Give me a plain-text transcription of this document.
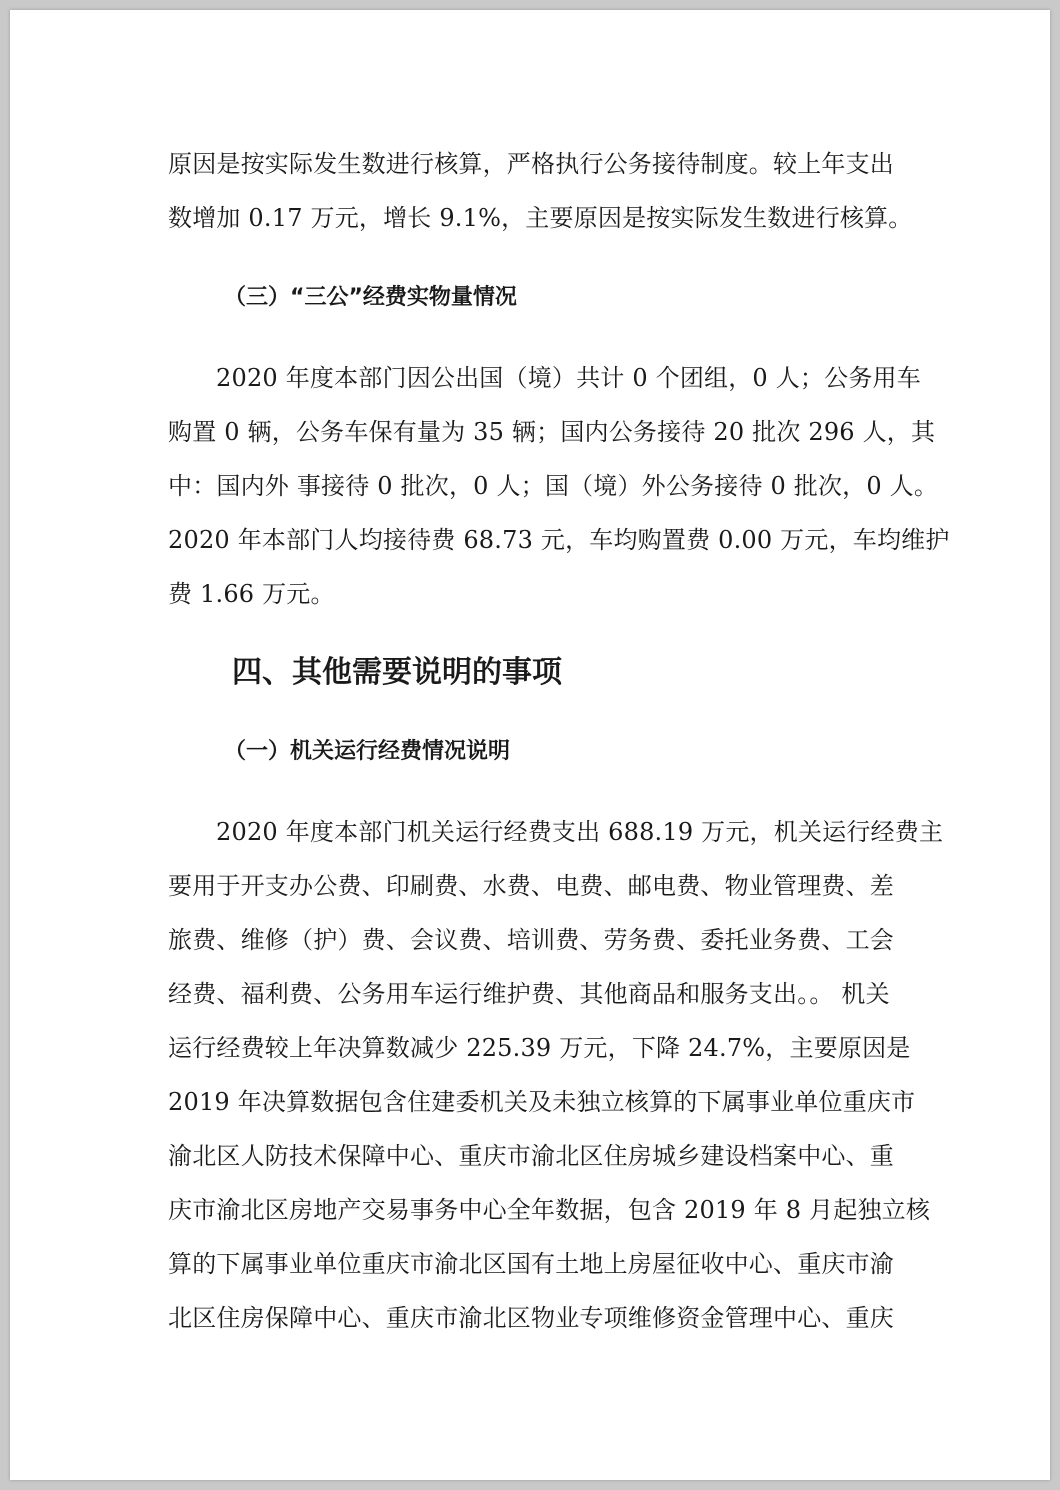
原因是按实际发生数进行核算，严格执行公务接待制度。较上年支出
数增加 0.17 万元，增长 9.1%，主要原因是按实际发生数进行核算。
（三）“三公”经费实物量情况
2020 年度本部门因公出国（境）共计 0 个团组，0 人；公务用车
购置 0 辆，公务车保有量为 35 辆；国内公务接待 20 批次 296 人，其
中：国内外 事接待 0 批次，0 人；国（境）外公务接待 0 批次，0 人。
2020 年本部门人均接待费 68.73 元，车均购置费 0.00 万元，车均维护
费 1.66 万元。
四、其他需要说明的事项
（一）机关运行经费情况说明
2020 年度本部门机关运行经费支出 688.19 万元，机关运行经费主
要用于开支办公费、印刷费、水费、电费、邮电费、物业管理费、差
旅费、维修（护）费、会议费、培训费、劳务费、委托业务费、工会
经费、福利费、公务用车运行维护费、其他商品和服务支出。。 机关
运行经费较上年决算数减少 225.39 万元，下降 24.7%，主要原因是
2019 年决算数据包含住建委机关及未独立核算的下属事业单位重庆市
渝北区人防技术保障中心、重庆市渝北区住房城乡建设档案中心、重
庆市渝北区房地产交易事务中心全年数据，包含 2019 年 8 月起独立核
算的下属事业单位重庆市渝北区国有土地上房屋征收中心、重庆市渝
北区住房保障中心、重庆市渝北区物业专项维修资金管理中心、重庆
